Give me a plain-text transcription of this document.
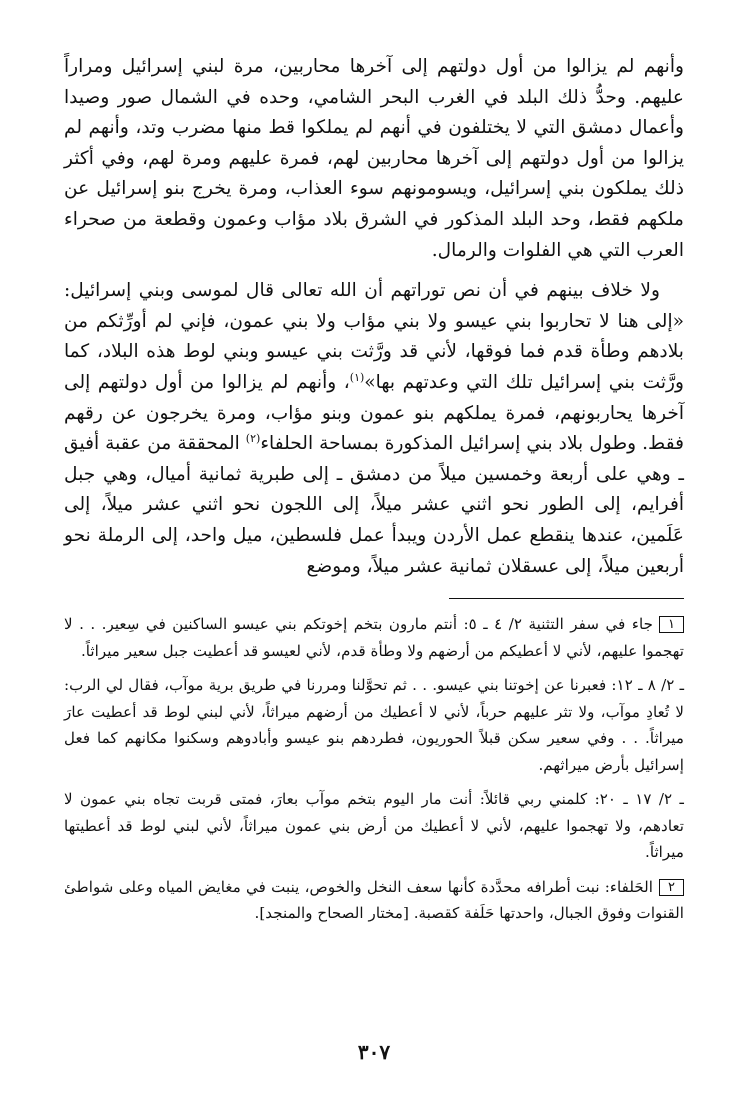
وأنهم لم يزالوا من أول دولتهم إلى آخرها محاربين، مرة لبني إسرائيل ومراراً عليهم. وحدُّ ذلك البلد في الغرب البحر الشامي، وحده في الشمال صور وصيدا وأعمال دمشق التي لا يختلفون في أنهم لم يملكوا قط منها مضرب وتد، وأنهم لم يزالوا من أول دولتهم إلى آخرها محاربين لهم، فمرة عليهم ومرة لهم، وفي أكثر ذلك يملكون بني إسرائيل، ويسومونهم سوء العذاب، ومرة يخرج بنو إسرائيل عن ملكهم فقط، وحد البلد المذكور في الشرق بلاد مؤاب وعمون وقطعة من صحراء العرب التي هي الفلوات والرمال.

ولا خلاف بينهم في أن نص توراتهم أن الله تعالى قال لموسى وبني إسرائيل: «إلى هنا لا تحاربوا بني عيسو ولا بني مؤاب ولا بني عمون، فإني لم أورِّثكم من بلادهم وطأة قدم فما فوقها، لأني قد ورَّثت بني عيسو وبني لوط هذه البلاد، كما ورَّثت بني إسرائيل تلك التي وعدتهم بها»$^{(١)}$، وأنهم لم يزالوا من أول دولتهم إلى آخرها يحاربونهم، فمرة يملكهم بنو عمون وبنو مؤاب، ومرة يخرجون عن رقهم فقط. وطول بلاد بني إسرائيل المذكورة بمساحة الحلفاء$^{(٢)}$ المحققة من عقبة أفيق ـ وهي على أربعة وخمسين ميلاً من دمشق ـ إلى طبرية ثمانية أميال، وهي جبل أفرايم، إلى الطور نحو اثني عشر ميلاً، إلى اللجون نحو اثني عشر ميلاً، إلى عَلَمين، عندها ينقطع عمل الأردن ويبدأ عمل فلسطين، ميل واحد، إلى الرملة نحو أربعين ميلاً، إلى عسقلان ثمانية عشر ميلاً، وموضع

١جاء في سفر التثنية ٢/ ٤ ـ ٥: أنتم مارون بتخم إخوتكم بني عيسو الساكنين في سِعير. . . لا تهجموا عليهم، لأني لا أعطيكم من أرضهم ولا وطأة قدم، لأني لعيسو قد أعطيت جبل سعير ميراثاً.

ـ ٢/ ٨ ـ ١٢: فعبرنا عن إخوتنا بني عيسو. . . ثم تحوَّلنا ومررنا في طريق برية موآب، فقال لي الرب: لا تُعادِ موآب، ولا تثر عليهم حرباً، لأني لا أعطيك من أرضهم ميراثاً، لأني لبني لوط قد أعطيت عارَ ميراثاً. . . وفي سعير سكن قبلاً الحوريون، فطردهم بنو عيسو وأبادوهم وسكنوا مكانهم كما فعل إسرائيل بأرض ميراثهم.

ـ ٢/ ١٧ ـ ٢٠: كلمني ربي قائلاً: أنت مار اليوم بتخم موآب بعارَ، فمتى قربت تجاه بني عمون لا تعادهم، ولا تهجموا عليهم، لأني لا أعطيك من أرض بني عمون ميراثاً، لأني لبني لوط قد أعطيتها ميراثاً.

٢الحَلفاء: نبت أطرافه محدَّدة كأنها سعف النخل والخوص، ينبت في مغايض المياه وعلى شواطئ القنوات وفوق الجبال، واحدتها حَلَفة كقصبة. [مختار الصحاح والمنجد].

٣٠٧
